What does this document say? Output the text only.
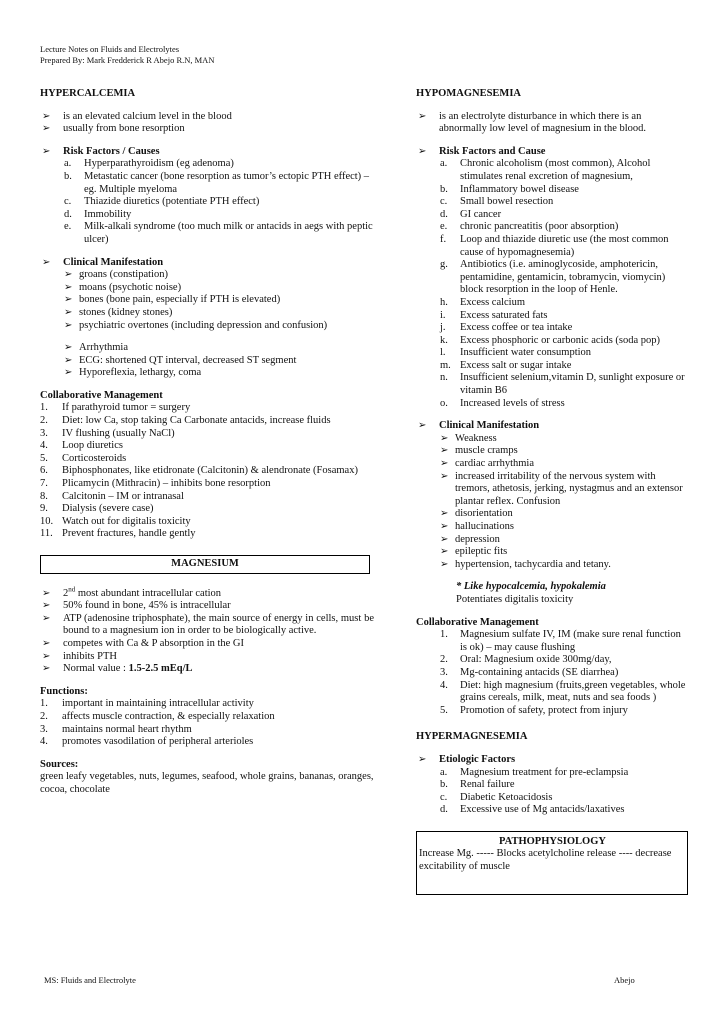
Lecture Notes on Fluids and Electrolytes
Prepared By: Mark Fredderick R Abejo R.N, MAN
HYPERCALCEMIA
➢	is an elevated calcium level in the blood
➢	usually from bone resorption
➢	Risk Factors / Causes
a.	Hyperparathyroidism (eg adenoma)
b.	Metastatic cancer (bone resorption as tumor’s ectopic PTH effect) – eg. Multiple myeloma
c.	Thiazide diuretics (potentiate PTH effect)
d.	Immobility
e.	Milk-alkali syndrome (too much milk or antacids in aegs with peptic ulcer)
➢	Clinical Manifestation
➢ groans (constipation)
➢ moans (psychotic noise)
➢ bones (bone pain, especially if PTH is elevated)
➢ stones (kidney stones)
➢ psychiatric overtones (including depression and confusion)
➢ Arrhythmia
➢ ECG: shortened QT interval, decreased ST segment
➢ Hyporeflexia, lethargy, coma
Collaborative Management
1.	If parathyroid tumor = surgery
2.	Diet: low Ca, stop taking Ca Carbonate antacids, increase fluids
3.	IV flushing (usually NaCl)
4.	Loop diuretics
5.	Corticosteroids
6.	Biphosphonates, like etidronate (Calcitonin) & alendronate (Fosamax)
7.	Plicamycin (Mithracin) – inhibits bone resorption
8.	Calcitonin – IM or intranasal
9.	Dialysis (severe case)
10. Watch out for digitalis toxicity
11. Prevent fractures, handle gently
MAGNESIUM
➢	2nd most abundant intracellular cation
➢	50% found in bone, 45% is intracellular
➢	ATP (adenosine triphosphate), the main source of energy in cells, must be bound to a magnesium ion in order to be biologically active.
➢	competes with Ca & P absorption in the GI
➢	inhibits PTH
➢	Normal value : 1.5-2.5 mEq/L
Functions:
1.	important in maintaining intracellular activity
2.	affects muscle contraction, & especially relaxation
3.	maintains normal heart rhythm
4.	promotes vasodilation of peripheral arterioles
Sources:
green leafy vegetables, nuts, legumes, seafood, whole grains, bananas, oranges, cocoa, chocolate
HYPOMAGNESEMIA
➢	is an electrolyte disturbance in which there is an abnormally low level of magnesium in the blood.
➢	Risk Factors and Cause
a.	Chronic alcoholism (most common), Alcohol stimulates renal excretion of magnesium,
b.	Inflammatory bowel disease
c.	Small bowel resection
d.	GI cancer
e.	chronic pancreatitis (poor absorption)
f.	Loop and thiazide diuretic use (the most common cause of hypomagnesemia)
g.	Antibiotics (i.e. aminoglycoside, amphotericin, pentamidine, gentamicin, tobramycin, viomycin) block resorption in the loop of Henle.
h.	Excess calcium
i.	Excess saturated fats
j.	Excess coffee or tea intake
k.	Excess phosphoric or carbonic acids (soda pop)
l.	Insufficient water consumption
m. Excess salt or sugar intake
n.	Insufficient selenium,vitamin D, sunlight exposure or vitamin B6
o.	Increased levels of stress
➢	Clinical Manifestation
➢ Weakness
➢ muscle cramps
➢ cardiac arrhythmia
➢ increased irritability of the nervous system with tremors, athetosis, jerking, nystagmus and an extensor plantar reflex. Confusion
➢ disorientation
➢ hallucinations
➢ depression
➢ epileptic fits
➢ hypertension, tachycardia and tetany.
* Like hypocalcemia, hypokalemia
Potentiates digitalis toxicity
Collaborative Management
1.	Magnesium sulfate IV, IM (make sure renal function is ok) – may cause flushing
2.	Oral: Magnesium oxide 300mg/day,
3.	Mg-containing antacids (SE diarrhea)
4.	Diet: high magnesium (fruits,green vegetables, whole grains cereals, milk, meat, nuts and sea foods )
5.	Promotion of safety, protect from injury
HYPERMAGNESEMIA
➢	Etiologic Factors
a.	Magnesium treatment for pre-eclampsia
b.	Renal failure
c.	Diabetic Ketoacidosis
d.	Excessive use of Mg antacids/laxatives
PATHOPHYSIOLOGY
Increase Mg. ----- Blocks acetylcholine release ---- decrease excitability of muscle
MS: Fluids and Electrolyte	Abejo
